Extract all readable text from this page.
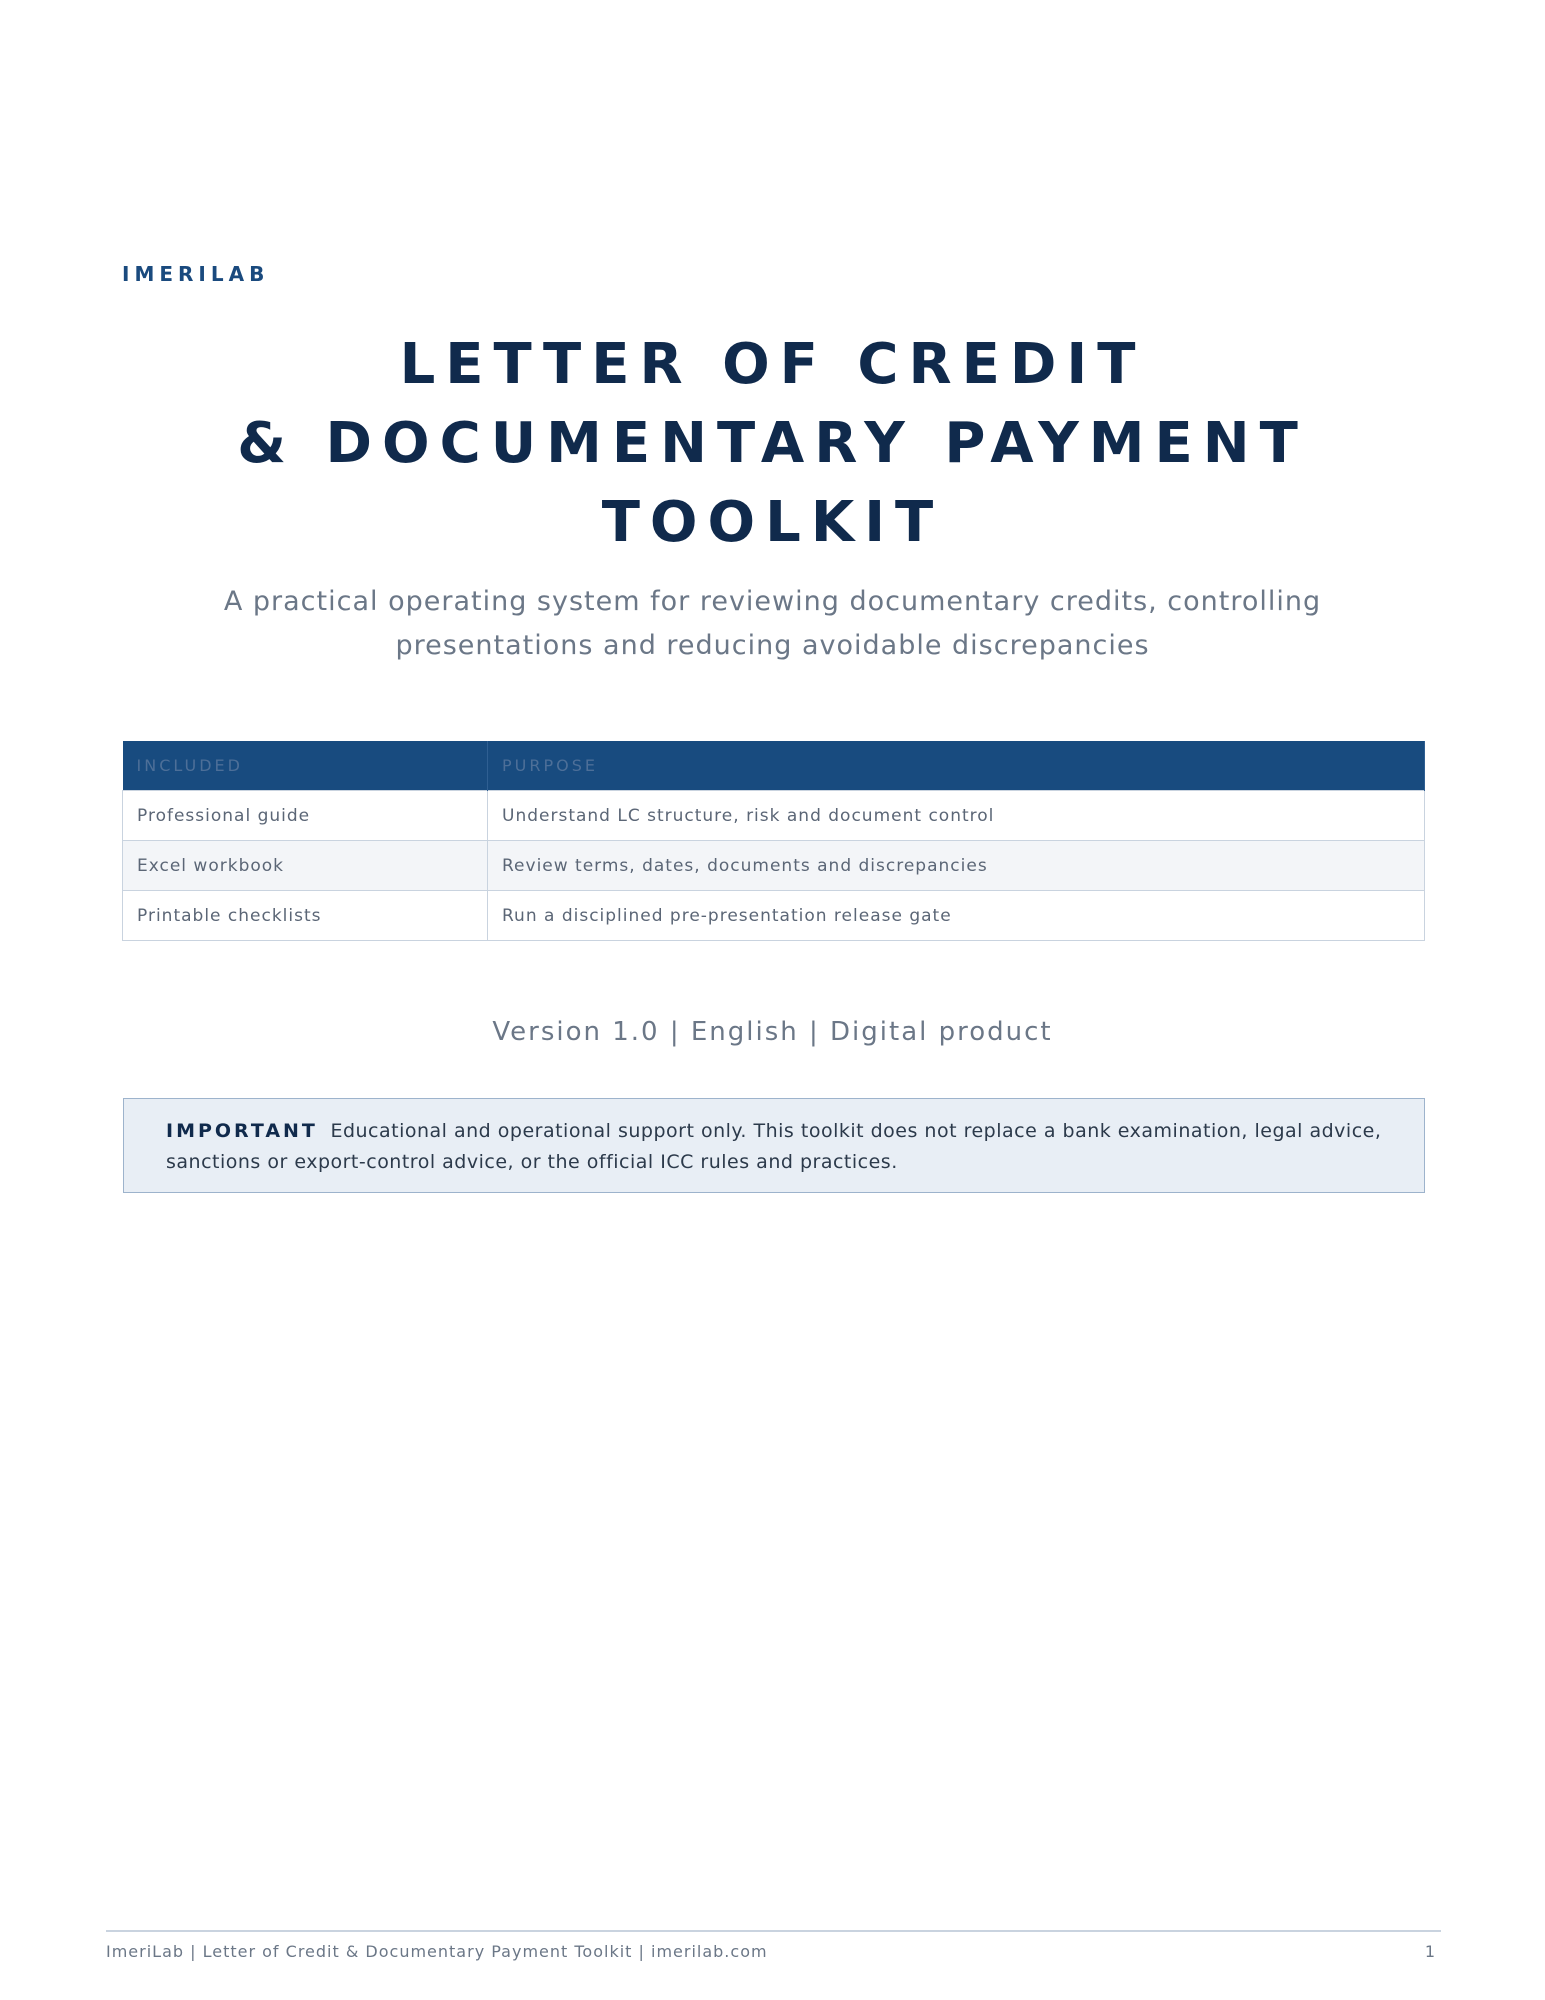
IMERILAB
LETTER OF CREDIT
& DOCUMENTARY PAYMENT
TOOLKIT
A practical operating system for reviewing documentary credits, controlling presentations and reducing avoidable discrepancies
INCLUDED	PURPOSE
Professional guide	Understand LC structure, risk and document control
Excel workbook	Review terms, dates, documents and discrepancies
Printable checklists	Run a disciplined pre-presentation release gate
Version 1.0 | English | Digital product
IMPORTANT Educational and operational support only. This toolkit does not replace a bank examination, legal advice, sanctions or export-control advice, or the official ICC rules and practices.
ImeriLab | Letter of Credit & Documentary Payment Toolkit | imerilab.com	1
